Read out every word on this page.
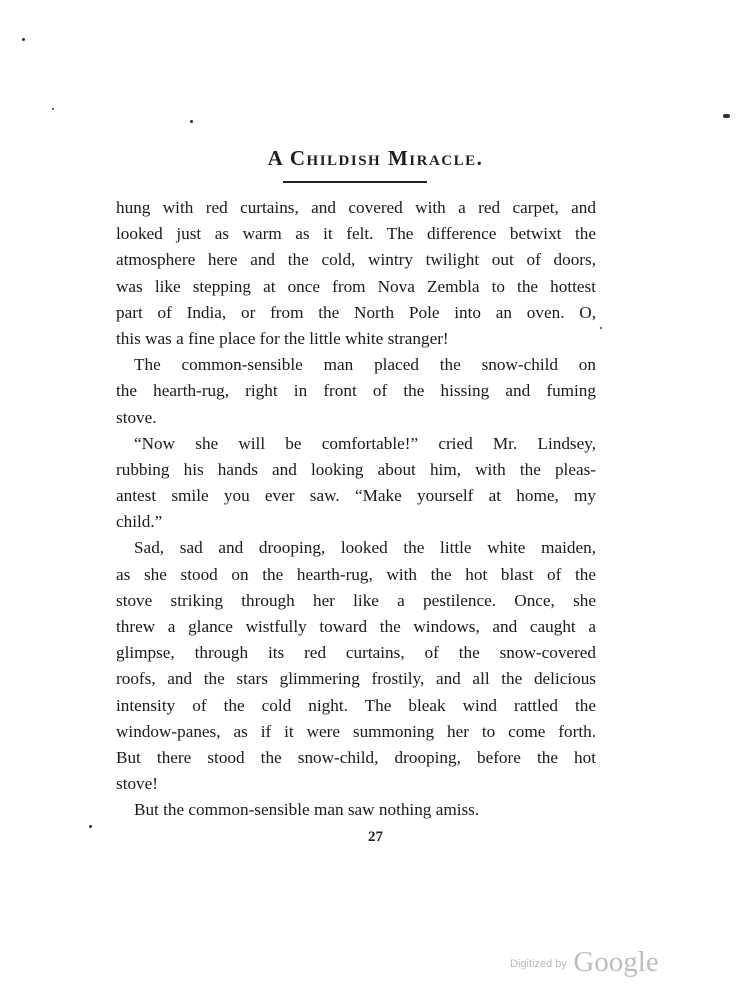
A Childish Miracle.
hung with red curtains, and covered with a red carpet, and
looked just as warm as it felt. The difference betwixt the
atmosphere here and the cold, wintry twilight out of doors,
was like stepping at once from Nova Zembla to the hottest
part of India, or from the North Pole into an oven. O,
this was a fine place for the little white stranger!
The common-sensible man placed the snow-child on
the hearth-rug, right in front of the hissing and fuming
stove.
“Now she will be comfortable!” cried Mr. Lindsey,
rubbing his hands and looking about him, with the pleas-
antest smile you ever saw. “Make yourself at home, my
child.”
Sad, sad and drooping, looked the little white maiden,
as she stood on the hearth-rug, with the hot blast of the
stove striking through her like a pestilence. Once, she
threw a glance wistfully toward the windows, and caught a
glimpse, through its red curtains, of the snow-covered
roofs, and the stars glimmering frostily, and all the delicious
intensity of the cold night. The bleak wind rattled the
window-panes, as if it were summoning her to come forth.
But there stood the snow-child, drooping, before the hot
stove!
But the common-sensible man saw nothing amiss.
27
$^{Digitized by}$ Google
